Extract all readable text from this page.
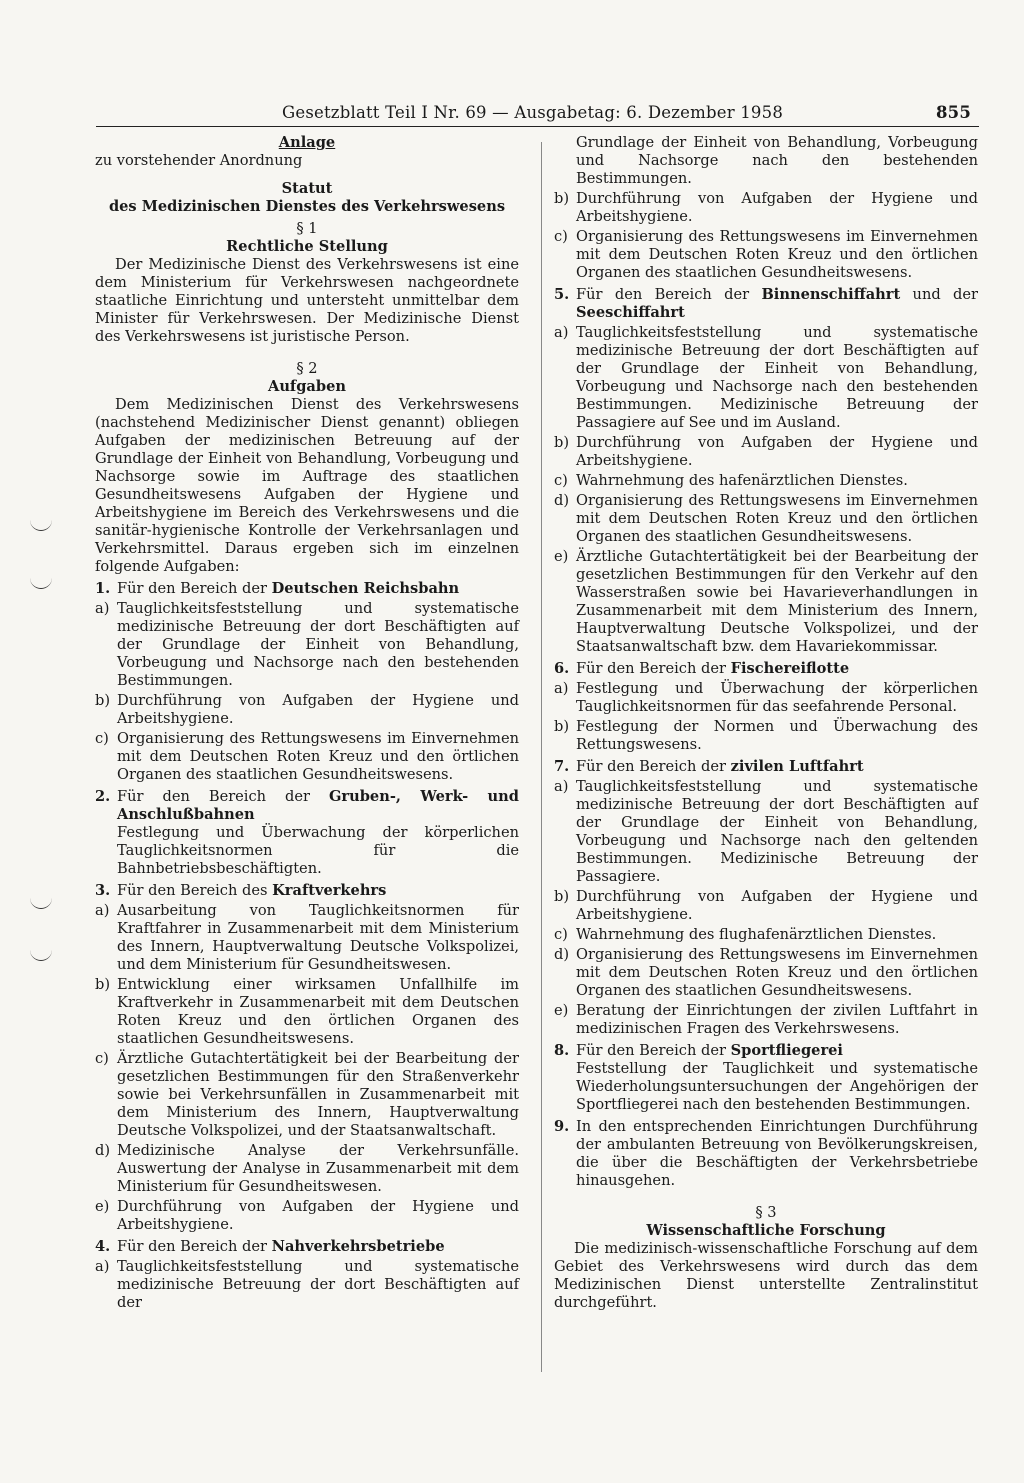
Gesetzblatt Teil I Nr. 69 — Ausgabetag: 6. Dezember 1958	855

Anlage

zu vorstehender Anordnung

Statut

des Medizinischen Dienstes des Verkehrswesens

§ 1

Rechtliche Stellung

Der Medizinische Dienst des Verkehrswesens ist eine dem Ministerium für Verkehrswesen nachgeordnete staatliche Einrichtung und untersteht unmittelbar dem Minister für Verkehrswesen. Der Medizinische Dienst des Verkehrswesens ist juristische Person.

§ 2

Aufgaben

Dem Medizinischen Dienst des Verkehrswesens (nachstehend Medizinischer Dienst genannt) obliegen Aufgaben der medizinischen Betreuung auf der Grundlage der Einheit von Behandlung, Vorbeugung und Nachsorge sowie im Auftrage des staatlichen Gesundheitswesens Aufgaben der Hygiene und Arbeitshygiene im Bereich des Verkehrswesens und die sanitär-hygienische Kontrolle der Verkehrsanlagen und Verkehrsmittel. Daraus ergeben sich im einzelnen folgende Aufgaben:

1. Für den Bereich der Deutschen Reichsbahn
a) Tauglichkeitsfeststellung und systematische medizinische Betreuung der dort Beschäftigten auf der Grundlage der Einheit von Behandlung, Vorbeugung und Nachsorge nach den bestehenden Bestimmungen.
b) Durchführung von Aufgaben der Hygiene und Arbeitshygiene.
c) Organisierung des Rettungswesens im Einvernehmen mit dem Deutschen Roten Kreuz und den örtlichen Organen des staatlichen Gesundheitswesens.
2. Für den Bereich der Gruben-, Werk- und Anschlußbahnen

Festlegung und Überwachung der körperlichen Tauglichkeitsnormen für die Bahnbetriebsbeschäftigten.

3. Für den Bereich des Kraftverkehrs
a) Ausarbeitung von Tauglichkeitsnormen für Kraftfahrer in Zusammenarbeit mit dem Ministerium des Innern, Hauptverwaltung Deutsche Volkspolizei, und dem Ministerium für Gesundheitswesen.
b) Entwicklung einer wirksamen Unfallhilfe im Kraftverkehr in Zusammenarbeit mit dem Deutschen Roten Kreuz und den örtlichen Organen des staatlichen Gesundheitswesens.
c) Ärztliche Gutachtertätigkeit bei der Bearbeitung der gesetzlichen Bestimmungen für den Straßenverkehr sowie bei Verkehrsunfällen in Zusammenarbeit mit dem Ministerium des Innern, Hauptverwaltung Deutsche Volkspolizei, und der Staatsanwaltschaft.
d) Medizinische Analyse der Verkehrsunfälle. Auswertung der Analyse in Zusammenarbeit mit dem Ministerium für Gesundheitswesen.
e) Durchführung von Aufgaben der Hygiene und Arbeitshygiene.
4. Für den Bereich der Nahverkehrsbetriebe
a) Tauglichkeitsfeststellung und systematische medizinische Betreuung der dort Beschäftigten auf der

Grundlage der Einheit von Behandlung, Vorbeugung und Nachsorge nach den bestehenden Bestimmungen.

b) Durchführung von Aufgaben der Hygiene und Arbeitshygiene.
c) Organisierung des Rettungswesens im Einvernehmen mit dem Deutschen Roten Kreuz und den örtlichen Organen des staatlichen Gesundheitswesens.
5. Für den Bereich der Binnenschiffahrt und der Seeschiffahrt
a) Tauglichkeitsfeststellung und systematische medizinische Betreuung der dort Beschäftigten auf der Grundlage der Einheit von Behandlung, Vorbeugung und Nachsorge nach den bestehenden Bestimmungen. Medizinische Betreuung der Passagiere auf See und im Ausland.
b) Durchführung von Aufgaben der Hygiene und Arbeitshygiene.
c) Wahrnehmung des hafenärztlichen Dienstes.
d) Organisierung des Rettungswesens im Einvernehmen mit dem Deutschen Roten Kreuz und den örtlichen Organen des staatlichen Gesundheitswesens.
e) Ärztliche Gutachtertätigkeit bei der Bearbeitung der gesetzlichen Bestimmungen für den Verkehr auf den Wasserstraßen sowie bei Havarieverhandlungen in Zusammenarbeit mit dem Ministerium des Innern, Hauptverwaltung Deutsche Volkspolizei, und der Staatsanwaltschaft bzw. dem Havariekommissar.
6. Für den Bereich der Fischereiflotte
a) Festlegung und Überwachung der körperlichen Tauglichkeitsnormen für das seefahrende Personal.
b) Festlegung der Normen und Überwachung des Rettungswesens.
7. Für den Bereich der zivilen Luftfahrt
a) Tauglichkeitsfeststellung und systematische medizinische Betreuung der dort Beschäftigten auf der Grundlage der Einheit von Behandlung, Vorbeugung und Nachsorge nach den geltenden Bestimmungen. Medizinische Betreuung der Passagiere.
b) Durchführung von Aufgaben der Hygiene und Arbeitshygiene.
c) Wahrnehmung des flughafenärztlichen Dienstes.
d) Organisierung des Rettungswesens im Einvernehmen mit dem Deutschen Roten Kreuz und den örtlichen Organen des staatlichen Gesundheitswesens.
e) Beratung der Einrichtungen der zivilen Luftfahrt in medizinischen Fragen des Verkehrswesens.
8. Für den Bereich der Sportfliegerei

Feststellung der Tauglichkeit und systematische Wiederholungsuntersuchungen der Angehörigen der Sportfliegerei nach den bestehenden Bestimmungen.

9. In den entsprechenden Einrichtungen Durchführung der ambulanten Betreuung von Bevölkerungskreisen, die über die Beschäftigten der Verkehrsbetriebe hinausgehen.

§ 3

Wissenschaftliche Forschung

Die medizinisch-wissenschaftliche Forschung auf dem Gebiet des Verkehrswesens wird durch das dem Medizinischen Dienst unterstellte Zentralinstitut durchgeführt.
